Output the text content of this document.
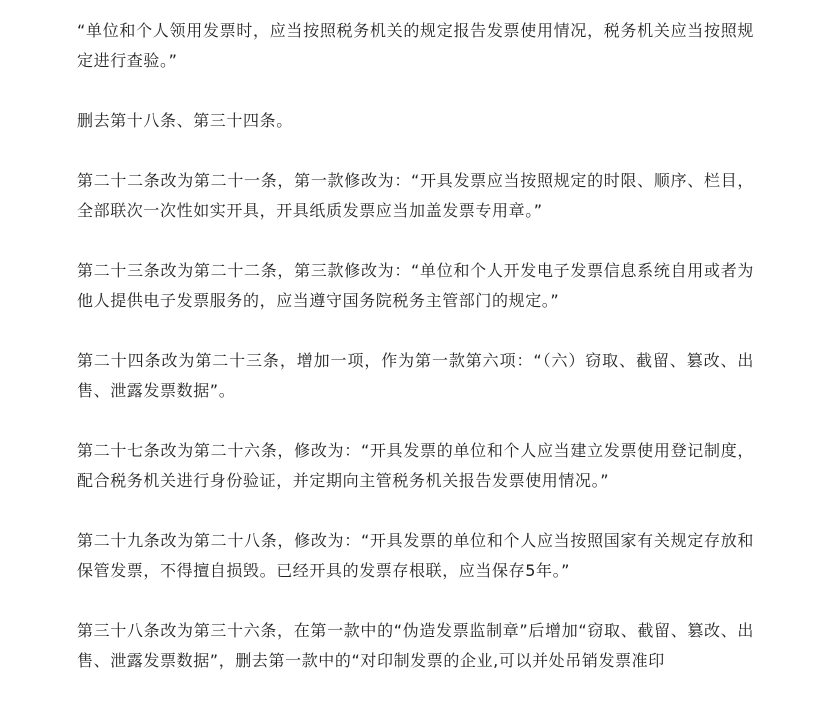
“单位和个人领用发票时，应当按照税务机关的规定报告发票使用情况，税务机关应当按照规定进行查验。”

删去第十八条、第三十四条。

第二十二条改为第二十一条，第一款修改为：“开具发票应当按照规定的时限、顺序、栏目，全部联次一次性如实开具，开具纸质发票应当加盖发票专用章。”

第二十三条改为第二十二条，第三款修改为：“单位和个人开发电子发票信息系统自用或者为他人提供电子发票服务的，应当遵守国务院税务主管部门的规定。”

第二十四条改为第二十三条，增加一项，作为第一款第六项：“（六）窃取、截留、篡改、出售、泄露发票数据”。

第二十七条改为第二十六条，修改为：“开具发票的单位和个人应当建立发票使用登记制度，配合税务机关进行身份验证，并定期向主管税务机关报告发票使用情况。”

第二十九条改为第二十八条，修改为：“开具发票的单位和个人应当按照国家有关规定存放和保管发票，不得擅自损毁。已经开具的发票存根联，应当保存5年。”

第三十八条改为第三十六条，在第一款中的“伪造发票监制章”后增加“窃取、截留、篡改、出售、泄露发票数据”，删去第一款中的“对印制发票的企业,可以并处吊销发票准印
